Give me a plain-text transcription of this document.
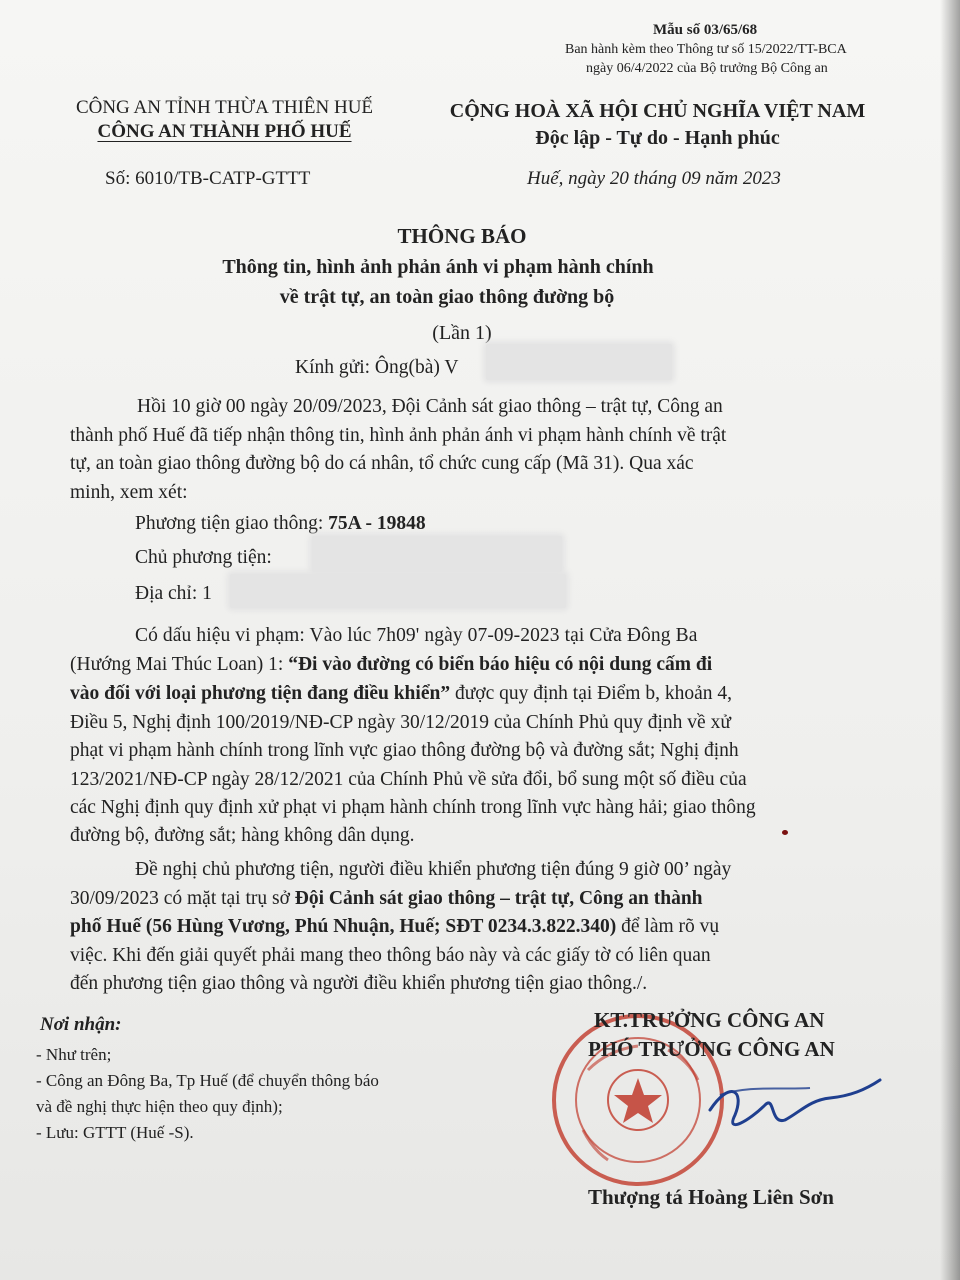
Mẫu số 03/65/68
Ban hành kèm theo Thông tư số 15/2022/TT-BCA
ngày 06/4/2022 của Bộ trưởng Bộ Công an
CÔNG AN TỈNH THỪA THIÊN HUẾ
CÔNG AN THÀNH PHỐ HUẾ
Số: 6010/TB-CATP-GTTT
CỘNG HOÀ XÃ HỘI CHỦ NGHĨA VIỆT NAM
Độc lập - Tự do - Hạnh phúc
Huế, ngày 20 tháng 09 năm 2023
THÔNG BÁO
Thông tin, hình ảnh phản ánh vi phạm hành chính
về trật tự, an toàn giao thông đường bộ
(Lần 1)
Kính gửi: Ông(bà) V
Hồi 10 giờ 00 ngày 20/09/2023, Đội Cảnh sát giao thông – trật tự, Công an
thành phố Huế đã tiếp nhận thông tin, hình ảnh phản ánh vi phạm hành chính về trật
tự, an toàn giao thông đường bộ do cá nhân, tổ chức cung cấp (Mã 31). Qua xác
minh, xem xét:
Phương tiện giao thông: 75A - 19848
Chủ phương tiện:
Địa chỉ: 1
Có dấu hiệu vi phạm: Vào lúc 7h09' ngày 07-09-2023 tại Cửa Đông Ba
(Hướng Mai Thúc Loan) 1: “Đi vào đường có biển báo hiệu có nội dung cấm đi
vào đối với loại phương tiện đang điều khiển” được quy định tại Điểm b, khoản 4,
Điều 5, Nghị định 100/2019/NĐ-CP ngày 30/12/2019 của Chính Phủ quy định về xử
phạt vi phạm hành chính trong lĩnh vực giao thông đường bộ và đường sắt; Nghị định
123/2021/NĐ-CP ngày 28/12/2021 của Chính Phủ về sửa đổi, bổ sung một số điều của
các Nghị định quy định xử phạt vi phạm hành chính trong lĩnh vực hàng hải; giao thông
đường bộ, đường sắt; hàng không dân dụng.
Đề nghị chủ phương tiện, người điều khiển phương tiện đúng 9 giờ 00’ ngày
30/09/2023 có mặt tại trụ sở Đội Cảnh sát giao thông – trật tự, Công an thành
phố Huế (56 Hùng Vương, Phú Nhuận, Huế; SĐT 0234.3.822.340) để làm rõ vụ
việc. Khi đến giải quyết phải mang theo thông báo này và các giấy tờ có liên quan
đến phương tiện giao thông và người điều khiển phương tiện giao thông./.
Nơi nhận:
- Như trên;
- Công an Đông Ba, Tp Huế (để chuyển thông báo
và đề nghị thực hiện theo quy định);
- Lưu: GTTT (Huế -S).
KT.TRƯỞNG CÔNG AN
PHÓ TRƯỞNG CÔNG AN
Thượng tá Hoàng Liên Sơn
